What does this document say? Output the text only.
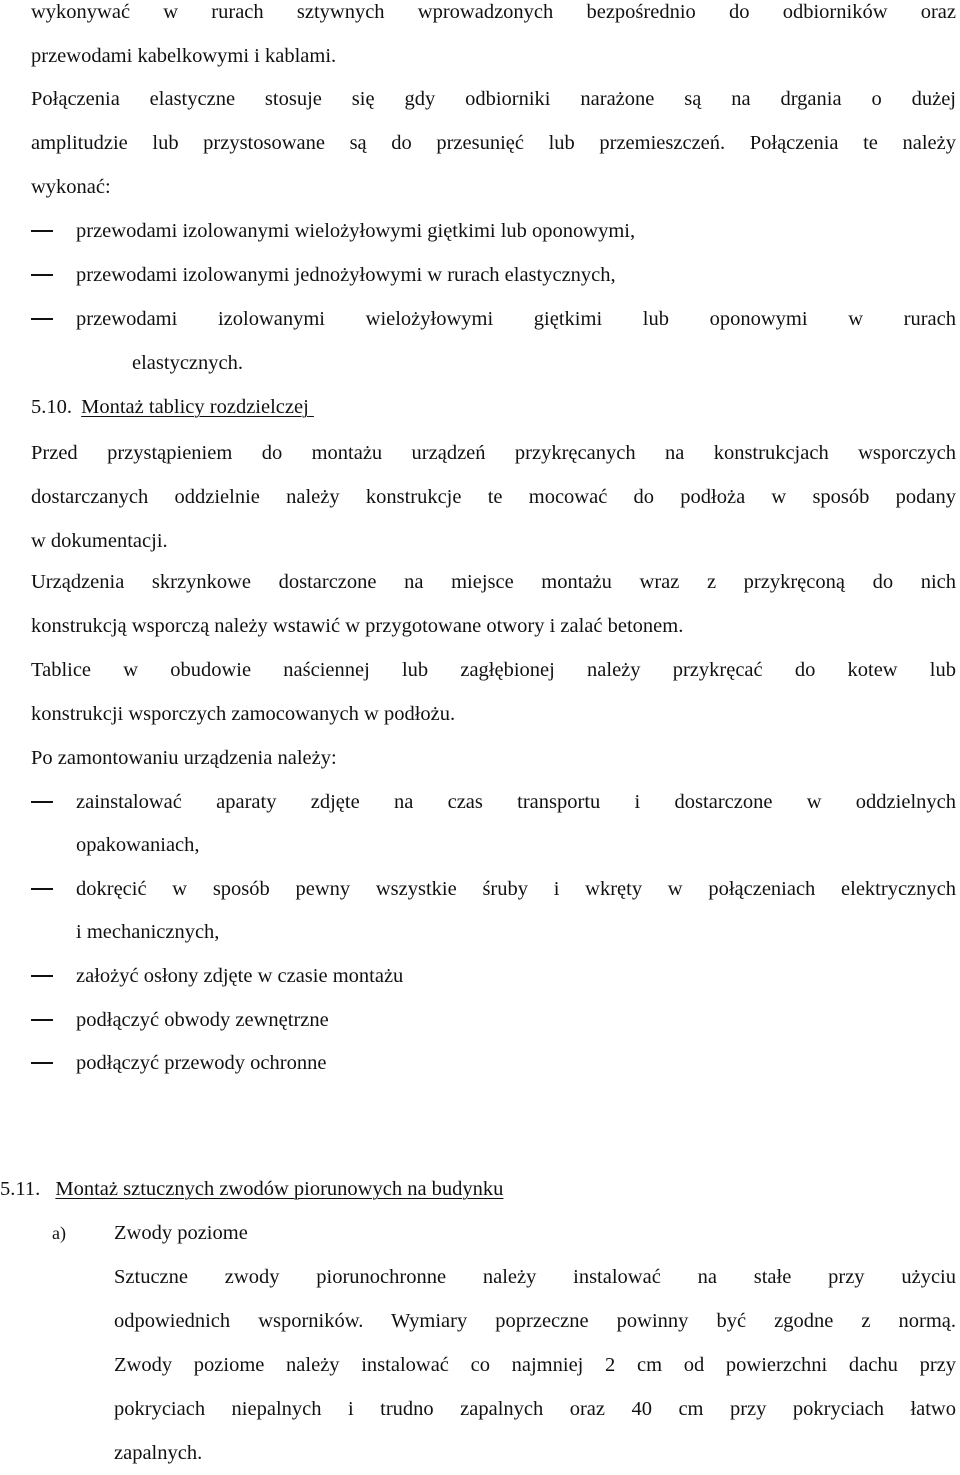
wykonywać w rurach sztywnych wprowadzonych bezpośrednio do odbiorników oraz
przewodami kabelkowymi i kablami.
Połączenia elastyczne stosuje się gdy odbiorniki narażone są na drgania o dużej
amplitudzie lub przystosowane są do przesunięć lub przemieszczeń. Połączenia te należy
wykonać:
przewodami izolowanymi wielożyłowymi giętkimi lub oponowymi,
przewodami izolowanymi jednożyłowymi w rurach elastycznych,
przewodami izolowanymi wielożyłowymi giętkimi lub oponowymi w rurach
elastycznych.
5.10. Montaż tablicy rozdzielczej
Przed przystąpieniem do montażu urządzeń przykręcanych na konstrukcjach wsporczych
dostarczanych oddzielnie należy konstrukcje te mocować do podłoża w sposób podany
w dokumentacji.
Urządzenia skrzynkowe dostarczone na miejsce montażu wraz z przykręconą do nich
konstrukcją wsporczą należy wstawić w przygotowane otwory i zalać betonem.
Tablice w obudowie naściennej lub zagłębionej należy przykręcać do kotew lub
konstrukcji wsporczych zamocowanych w podłożu.
Po zamontowaniu urządzenia należy:
zainstalować aparaty zdjęte na czas transportu i dostarczone w oddzielnych
opakowaniach,
dokręcić w sposób pewny wszystkie śruby i wkręty w połączeniach elektrycznych
i mechanicznych,
założyć osłony zdjęte w czasie montażu
podłączyć obwody zewnętrzne
podłączyć przewody ochronne
5.11. Montaż sztucznych zwodów piorunowych na budynku
a) Zwody poziome
Sztuczne zwody piorunochronne należy instalować na stałe przy użyciu
odpowiednich wsporników. Wymiary poprzeczne powinny być zgodne z normą.
Zwody poziome należy instalować co najmniej 2 cm od powierzchni dachu przy
pokryciach niepalnych i trudno zapalnych oraz 40 cm przy pokryciach łatwo
zapalnych.
